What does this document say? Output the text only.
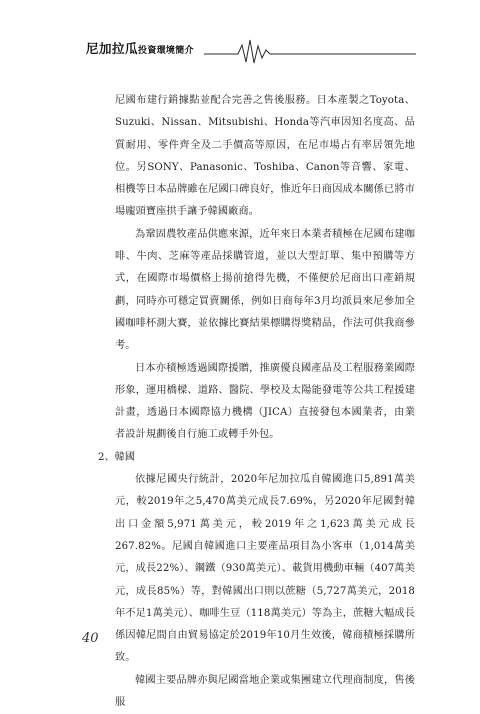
尼加拉瓜投資環境簡介

尼國布建行銷據點並配合完善之售後服務。日本產製之Toyota、Suzuki、Nissan、Mitsubishi、Honda等汽車因知名度高、品質耐用、零件齊全及二手價高等原因，在尼市場占有率居領先地位。另SONY、Panasonic、Toshiba、Canon等音響、家電、相機等日本品牌雖在尼國口碑良好，惟近年日商因成本關係已將市場龐頭寶座拱手讓予韓國廠商。

為鞏固農牧產品供應來源，近年來日本業者積極在尼國布建咖啡、牛肉、芝麻等產品採購管道，並以大型訂單、集中預購等方式，在國際市場價格上揚前搶得先機，不僅便於尼商出口產銷規劃，同時亦可穩定買賣關係，例如日商每年3月均派員來尼參加全國咖啡杯測大賽，並依據比賽結果標購得獎精品，作法可供我商參考。

日本亦積極透過國際援贈，推廣優良國產品及工程服務業國際形象，運用橋樑、道路、醫院、學校及太陽能發電等公共工程援建計畫，透過日本國際協力機構（JICA）直接發包本國業者，由業者設計規劃後自行施工或轉手外包。

2、韓國

依據尼國央行統計，2020年尼加拉瓜自韓國進口5,891萬美元，較2019年之5,470萬美元成長7.69%，另2020年尼國對韓出口金額5,971萬美元，較2019年之1,623萬美元成長267.82%。尼國自韓國進口主要產品項目為小客車（1,014萬美元，成長22%）、鋼鐵（930萬美元）、載貨用機動車輛（407萬美元，成長85%）等，對韓國出口則以蔗糖（5,727萬美元，2018年不足1萬美元）、咖啡生豆（118萬美元）等為主，蔗糖大幅成長係因韓尼間自由貿易協定於2019年10月生效後，韓商積極採購所致。

韓國主要品牌亦與尼國當地企業或集團建立代理商制度，售後服

40
